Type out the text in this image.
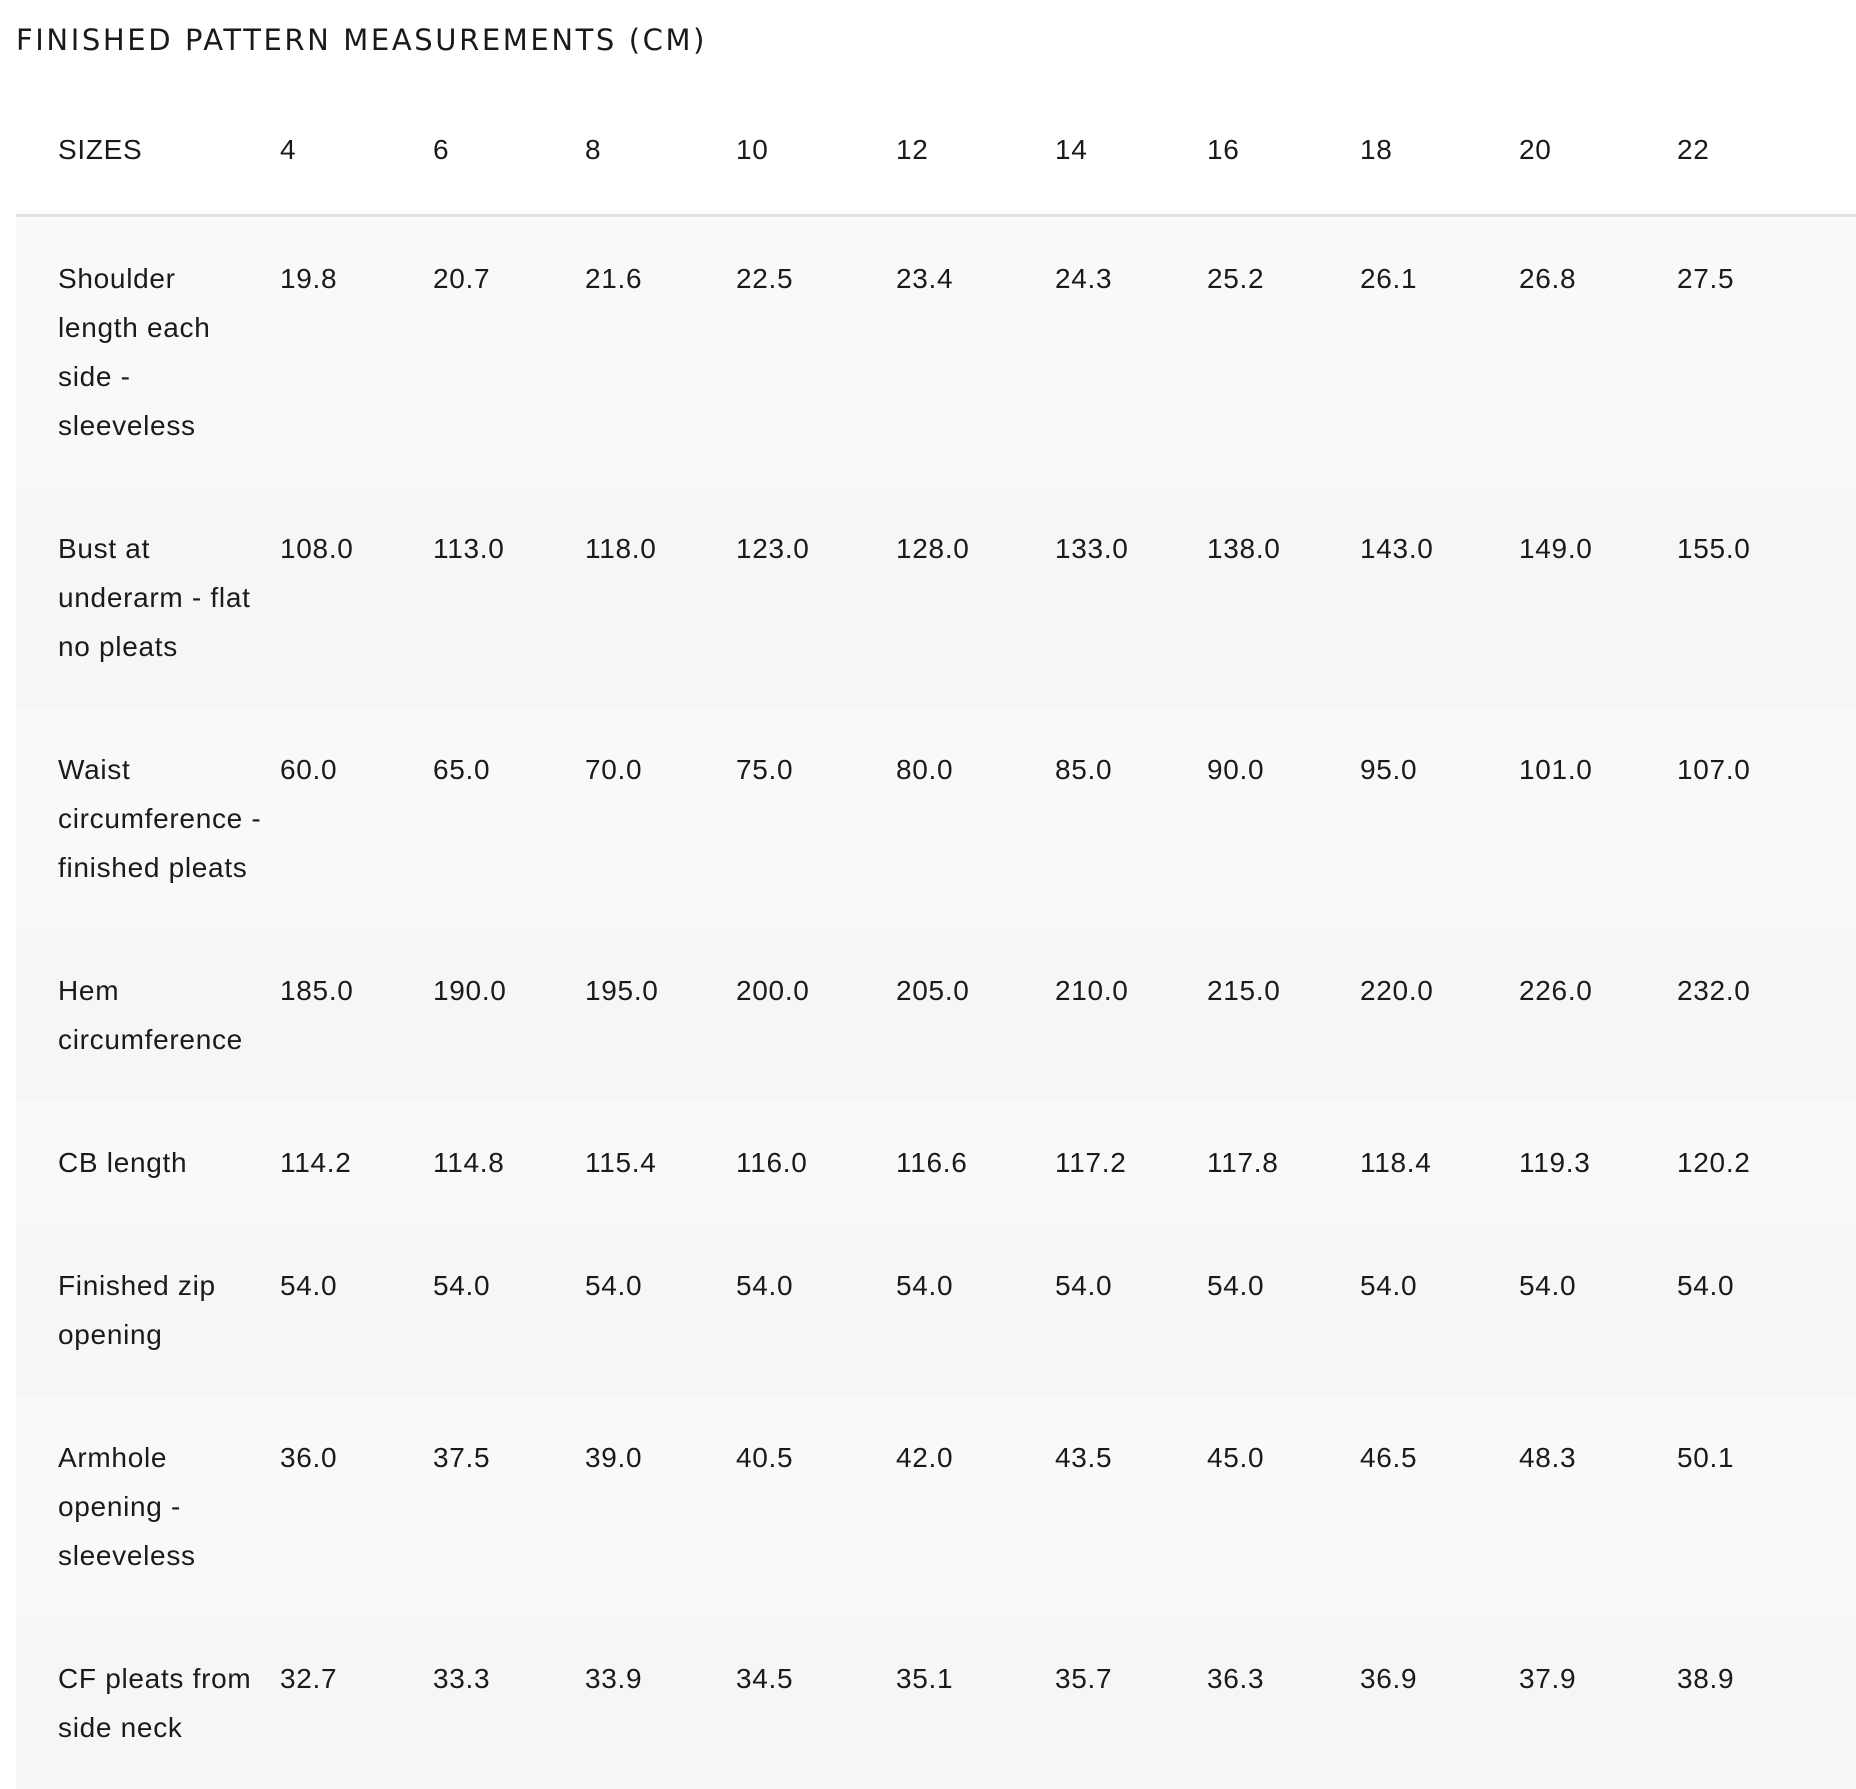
FINISHED PATTERN MEASUREMENTS (CM)
SIZES	4	6	8	10	12	14	16	18	20	22
Shoulder length each side - sleeveless	19.8	20.7	21.6	22.5	23.4	24.3	25.2	26.1	26.8	27.5
Bust at underarm - flat no pleats	108.0	113.0	118.0	123.0	128.0	133.0	138.0	143.0	149.0	155.0
Waist circumference - finished pleats	60.0	65.0	70.0	75.0	80.0	85.0	90.0	95.0	101.0	107.0
Hem circumference	185.0	190.0	195.0	200.0	205.0	210.0	215.0	220.0	226.0	232.0
CB length	114.2	114.8	115.4	116.0	116.6	117.2	117.8	118.4	119.3	120.2
Finished zip opening	54.0	54.0	54.0	54.0	54.0	54.0	54.0	54.0	54.0	54.0
Armhole opening - sleeveless	36.0	37.5	39.0	40.5	42.0	43.5	45.0	46.5	48.3	50.1
CF pleats from side neck	32.7	33.3	33.9	34.5	35.1	35.7	36.3	36.9	37.9	38.9
